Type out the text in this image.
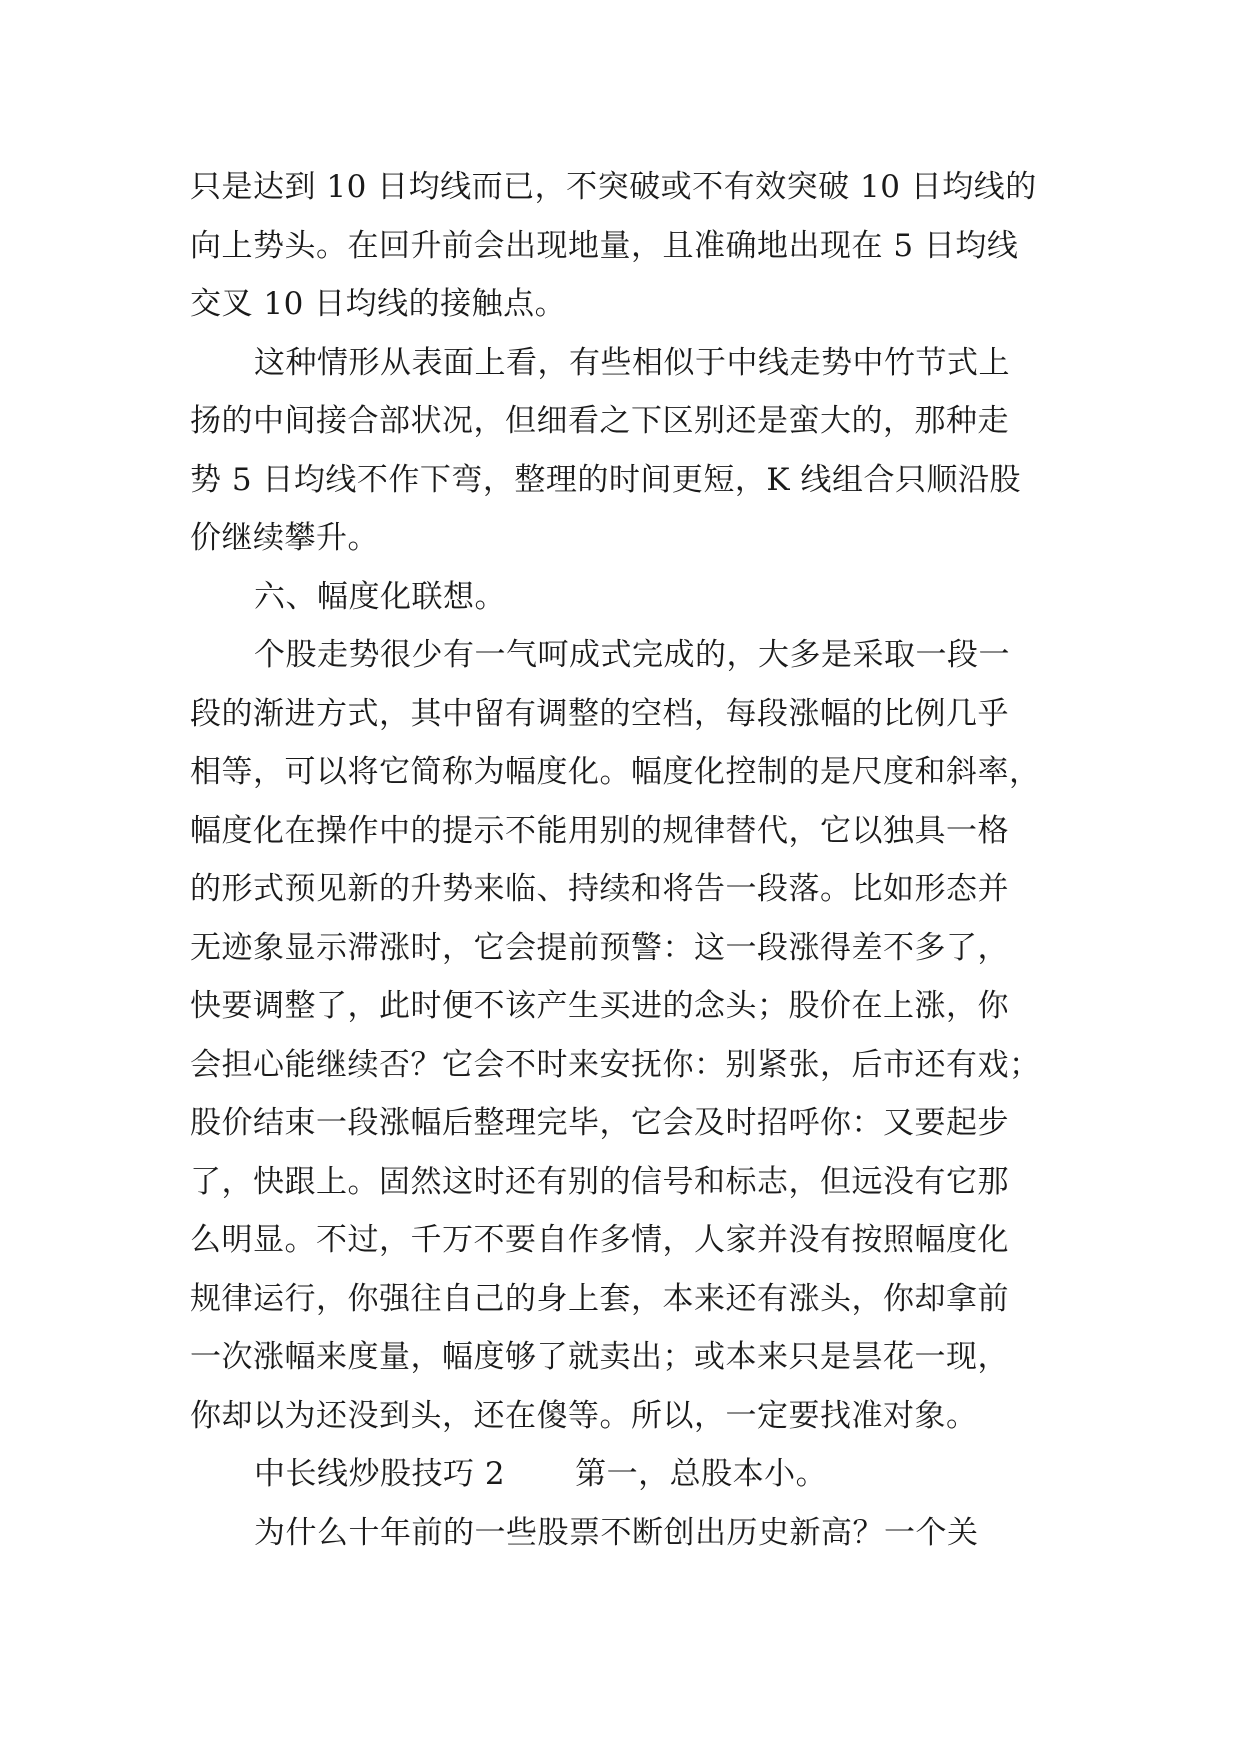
只是达到 10 日均线而已，不突破或不有效突破 10 日均线的
向上势头。在回升前会出现地量，且准确地出现在 5 日均线
交叉 10 日均线的接触点。
这种情形从表面上看，有些相似于中线走势中竹节式上
扬的中间接合部状况，但细看之下区别还是蛮大的，那种走
势 5 日均线不作下弯，整理的时间更短，K 线组合只顺沿股
价继续攀升。
六、幅度化联想。
个股走势很少有一气呵成式完成的，大多是采取一段一
段的渐进方式，其中留有调整的空档，每段涨幅的比例几乎
相等，可以将它简称为幅度化。幅度化控制的是尺度和斜率，
幅度化在操作中的提示不能用别的规律替代，它以独具一格
的形式预见新的升势来临、持续和将告一段落。比如形态并
无迹象显示滞涨时，它会提前预警：这一段涨得差不多了，
快要调整了，此时便不该产生买进的念头；股价在上涨，你
会担心能继续否？它会不时来安抚你：别紧张，后市还有戏；
股价结束一段涨幅后整理完毕，它会及时招呼你：又要起步
了，快跟上。固然这时还有别的信号和标志，但远没有它那
么明显。不过，千万不要自作多情，人家并没有按照幅度化
规律运行，你强往自己的身上套，本来还有涨头，你却拿前
一次涨幅来度量，幅度够了就卖出；或本来只是昙花一现，
你却以为还没到头，还在傻等。所以，一定要找准对象。
中长线炒股技巧 2 第一，总股本小。
为什么十年前的一些股票不断创出历史新高？一个关
